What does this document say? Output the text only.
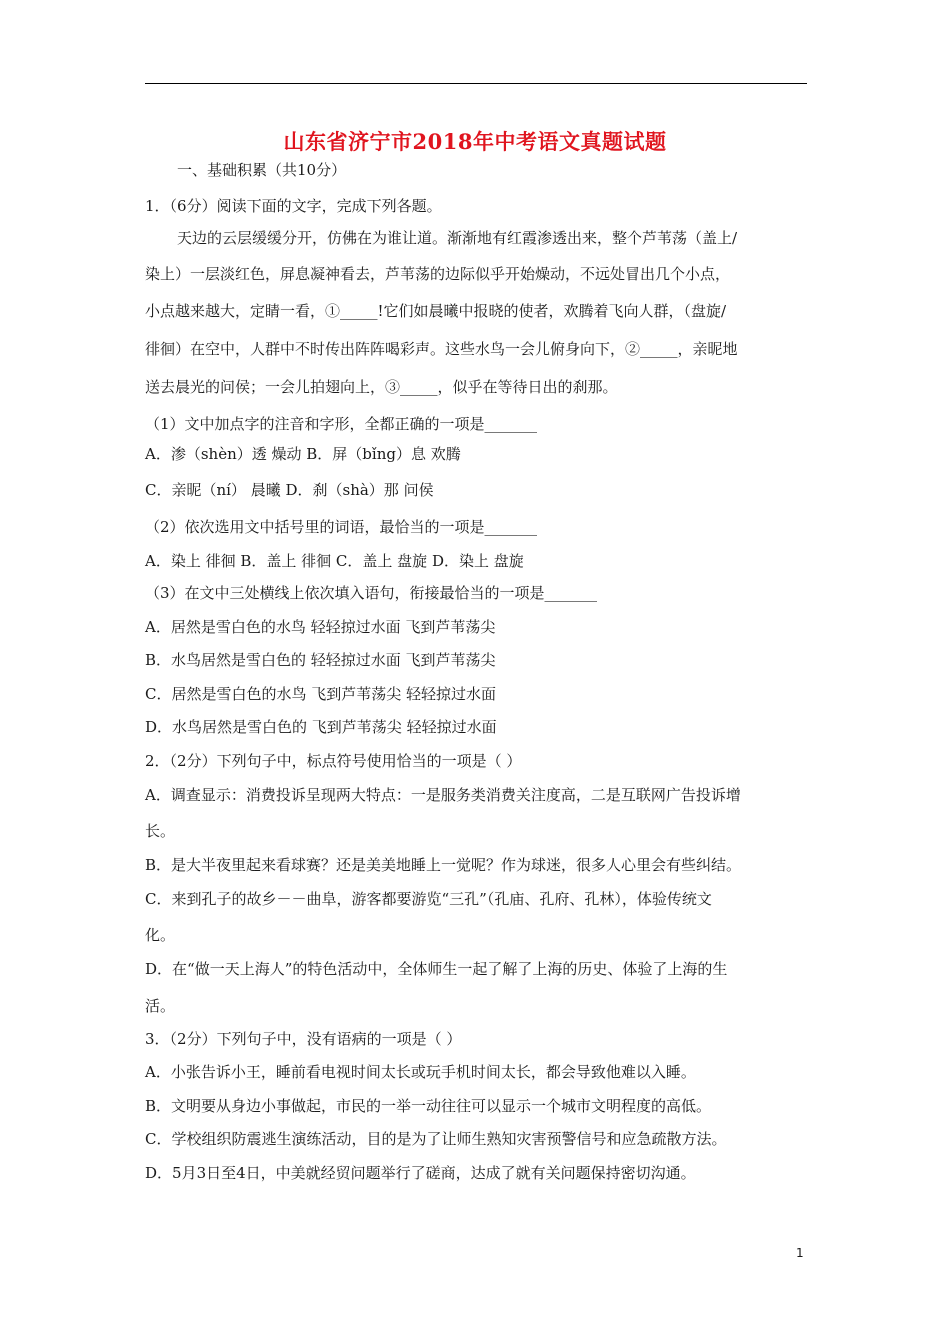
山东省济宁市2018年中考语文真题试题
一、基础积累（共10分）
1．（6分）阅读下面的文字，完成下列各题。
天边的云层缓缓分开，仿佛在为谁让道。渐渐地有红霞渗透出来，整个芦苇荡（盖上/
染上）一层淡红色，屏息凝神看去，芦苇荡的边际似乎开始燥动，不远处冒出几个小点，
小点越来越大，定睛一看，①_____!它们如晨曦中报晓的使者，欢腾着飞向人群，（盘旋/
徘徊）在空中，人群中不时传出阵阵喝彩声。这些水鸟一会儿俯身向下，②_____，亲昵地
送去晨光的问侯；一会儿拍翅向上，③_____，似乎在等待日出的刹那。
（1）文中加点字的注音和字形，全都正确的一项是_______
A．渗（shèn）透 燥动 B．屏（bǐng）息 欢腾
C．亲昵（ní） 晨曦 D．刹（shà）那 问侯
（2）依次选用文中括号里的词语，最恰当的一项是_______
A．染上 徘徊 B．盖上 徘徊 C．盖上 盘旋 D．染上 盘旋
（3）在文中三处横线上依次填入语句，衔接最恰当的一项是_______
A．居然是雪白色的水鸟 轻轻掠过水面 飞到芦苇荡尖
B．水鸟居然是雪白色的 轻轻掠过水面 飞到芦苇荡尖
C．居然是雪白色的水鸟 飞到芦苇荡尖 轻轻掠过水面
D．水鸟居然是雪白色的 飞到芦苇荡尖 轻轻掠过水面
2．（2分）下列句子中，标点符号使用恰当的一项是（ ）
A．调查显示：消费投诉呈现两大特点：一是服务类消费关注度高，二是互联网广告投诉增
长。
B．是大半夜里起来看球赛？还是美美地睡上一觉呢？作为球迷，很多人心里会有些纠结。
C．来到孔子的故乡－－曲阜，游客都要游览“三孔”（孔庙、孔府、孔林），体验传统文
化。
D．在“做一天上海人”的特色活动中，全体师生一起了解了上海的历史、体验了上海的生
活。
3．（2分）下列句子中，没有语病的一项是（ ）
A．小张告诉小王，睡前看电视时间太长或玩手机时间太长，都会导致他难以入睡。
B．文明要从身边小事做起，市民的一举一动往往可以显示一个城市文明程度的高低。
C．学校组织防震逃生演练活动，目的是为了让师生熟知灾害预警信号和应急疏散方法。
D．5月3日至4日，中美就经贸问题举行了磋商，达成了就有关问题保持密切沟通。
1
